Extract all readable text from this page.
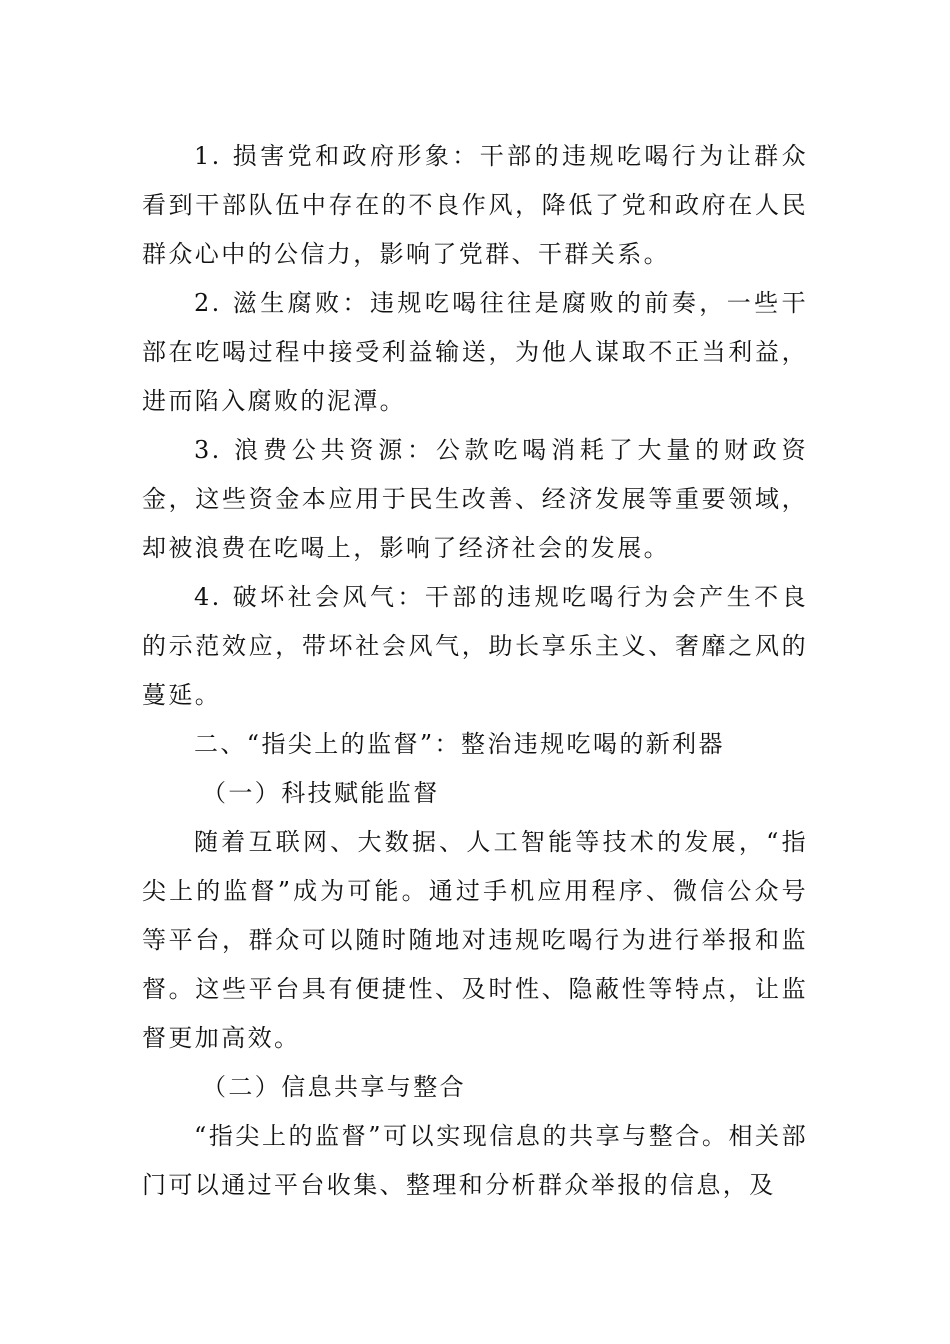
1. 损害党和政府形象：干部的违规吃喝行为让群众看到干部队伍中存在的不良作风，降低了党和政府在人民群众心中的公信力，影响了党群、干群关系。

2. 滋生腐败：违规吃喝往往是腐败的前奏，一些干部在吃喝过程中接受利益输送，为他人谋取不正当利益，进而陷入腐败的泥潭。

3. 浪费公共资源：公款吃喝消耗了大量的财政资金，这些资金本应用于民生改善、经济发展等重要领域，却被浪费在吃喝上，影响了经济社会的发展。

4. 破坏社会风气：干部的违规吃喝行为会产生不良的示范效应，带坏社会风气，助长享乐主义、奢靡之风的蔓延。

二、“指尖上的监督”：整治违规吃喝的新利器

（一）科技赋能监督

随着互联网、大数据、人工智能等技术的发展，“指尖上的监督”成为可能。通过手机应用程序、微信公众号等平台，群众可以随时随地对违规吃喝行为进行举报和监督。这些平台具有便捷性、及时性、隐蔽性等特点，让监督更加高效。

（二）信息共享与整合

“指尖上的监督”可以实现信息的共享与整合。相关部门可以通过平台收集、整理和分析群众举报的信息，及
